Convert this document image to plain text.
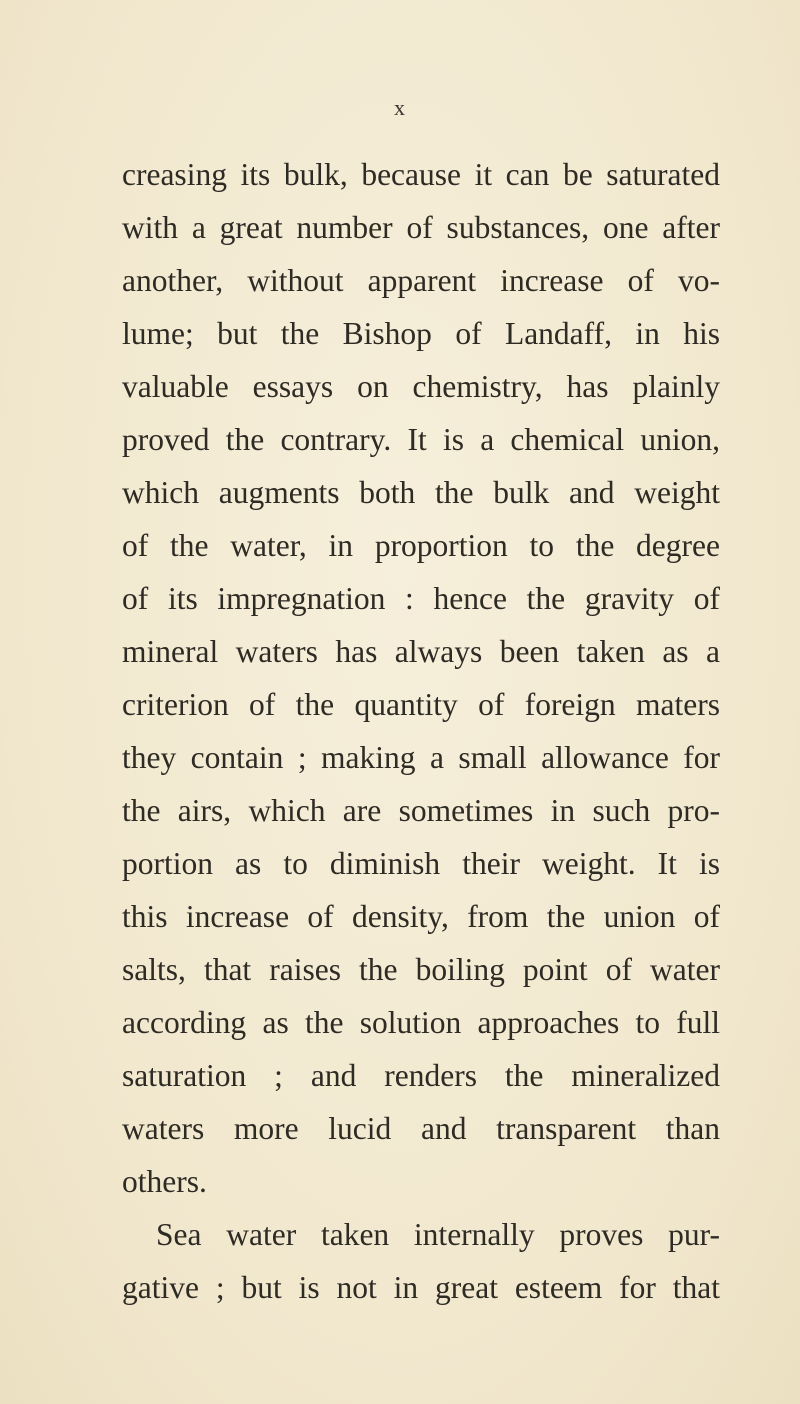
x
creasing its bulk, because it can be saturated
with a great number of substances, one after
another, without apparent increase of vo-
lume; but the Bishop of Landaff, in his
valuable essays on chemistry, has plainly
proved the contrary. It is a chemical union,
which augments both the bulk and weight
of the water, in proportion to the degree
of its impregnation : hence the gravity of
mineral waters has always been taken as a
criterion of the quantity of foreign maters
they contain ; making a small allowance for
the airs, which are sometimes in such pro-
portion as to diminish their weight. It is
this increase of density, from the union of
salts, that raises the boiling point of water
according as the solution approaches to full
saturation ; and renders the mineralized
waters more lucid and transparent than
others.
Sea water taken internally proves pur-
gative ; but is not in great esteem for that
